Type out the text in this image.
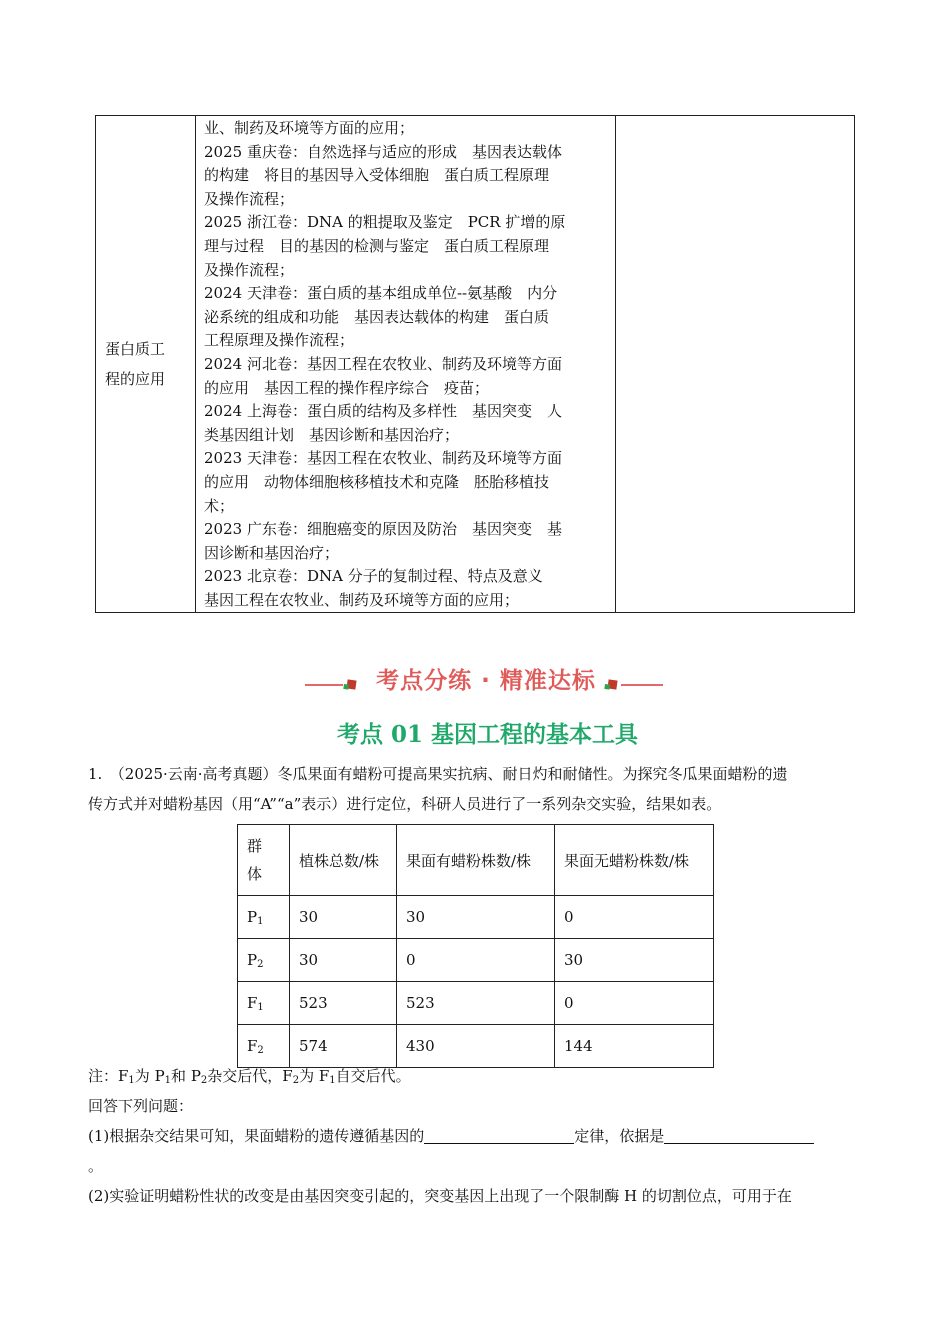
蛋白质工
程的应用

业、制药及环境等方面的应用；
2025 重庆卷：自然选择与适应的形成　基因表达载体
的构建　将目的基因导入受体细胞　蛋白质工程原理
及操作流程；
2025 浙江卷：DNA 的粗提取及鉴定　PCR 扩增的原
理与过程　目的基因的检测与鉴定　蛋白质工程原理
及操作流程；
2024 天津卷：蛋白质的基本组成单位--氨基酸　内分
泌系统的组成和功能　基因表达载体的构建　蛋白质
工程原理及操作流程；
2024 河北卷：基因工程在农牧业、制药及环境等方面
的应用　基因工程的操作程序综合　疫苗；
2024 上海卷：蛋白质的结构及多样性　基因突变　人
类基因组计划　基因诊断和基因治疗；
2023 天津卷：基因工程在农牧业、制药及环境等方面
的应用　动物体细胞核移植技术和克隆　胚胎移植技
术；
2023 广东卷：细胞癌变的原因及防治　基因突变　基
因诊断和基因治疗；
2023 北京卷：DNA 分子的复制过程、特点及意义
基因工程在农牧业、制药及环境等方面的应用；

考点分练 · 精准达标
考点 01 基因工程的基本工具
1.　（2025·云南·高考真题）冬瓜果面有蜡粉可提高果实抗病、耐日灼和耐储性。为探究冬瓜果面蜡粉的遗
传方式并对蜡粉基因（用“A”“a”表示）进行定位，科研人员进行了一系列杂交实验，结果如表。
群体	植株总数/株	果面有蜡粉株数/株	果面无蜡粉株数/株
$P_1$	30	30	0
$P_2$	30	0	30
$F_1$	523	523	0
$F_2$	574	430	144
注：$F_1$为 $P_1$和 $P_2$杂交后代，$F_2$为 $F_1$自交后代。
回答下列问题：
(1)根据杂交结果可知，果面蜡粉的遗传遵循基因的	定律，依据是
。
(2)实验证明蜡粉性状的改变是由基因突变引起的，突变基因上出现了一个限制酶 H 的切割位点，可用于在
